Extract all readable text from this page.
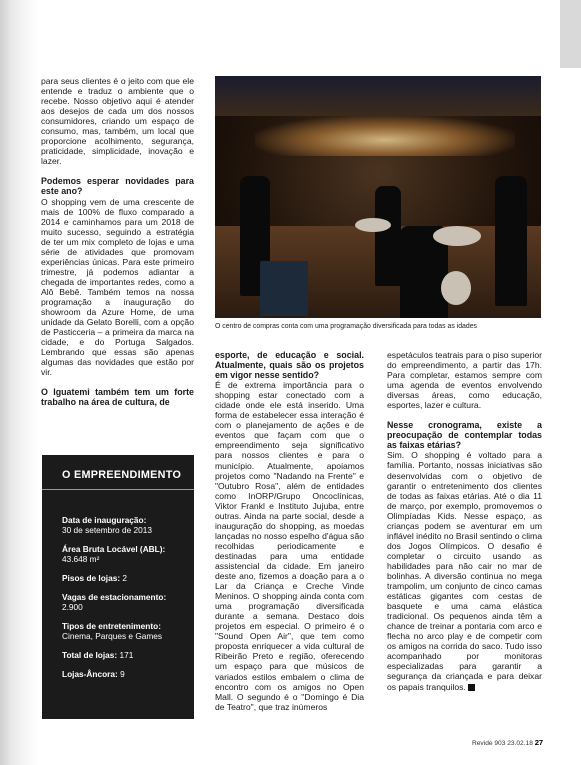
para seus clientes é o jeito com que ele entende e traduz o ambiente que o recebe. Nosso objetivo aqui é atender aos desejos de cada um dos nossos consumidores, criando um espaço de consumo, mas, também, um local que proporcione acolhimento, segurança, praticidade, simplicidade, inovação e lazer.

Podemos esperar novidades para este ano?

O shopping vem de uma crescente de mais de 100% de fluxo comparado a 2014 e caminhamos para um 2018 de muito sucesso, seguindo a estratégia de ter um mix completo de lojas e uma série de atividades que promovam experiências únicas. Para este primeiro trimestre, já podemos adiantar a chegada de importantes redes, como a Alô Bebê. Também temos na nossa programação a inauguração do showroom da Azure Home, de uma unidade da Gelato Borelli, com a opção de Pasticceria – a primeira da marca na cidade, e do Portuga Salgados. Lembrando que essas são apenas algumas das novidades que estão por vir.

O Iguatemi também tem um forte trabalho na área de cultura, de

O centro de compras conta com uma programação diversificada para todas as idades

esporte, de educação e social. Atualmente, quais são os projetos em vigor nesse sentido?

É de extrema importância para o shopping estar conectado com a cidade onde ele está inserido. Uma forma de estabelecer essa interação é com o planejamento de ações e de eventos que façam com que o empreendimento seja significativo para nossos clientes e para o município. Atualmente, apoiamos projetos como "Nadando na Frente" e "Outubro Rosa", além de entidades como InORP/Grupo Oncoclínicas, Viktor Frankl e Instituto Jujuba, entre outras. Ainda na parte social, desde a inauguração do shopping, as moedas lançadas no nosso espelho d'água são recolhidas periodicamente e destinadas para uma entidade assistencial da cidade. Em janeiro deste ano, fizemos a doação para a o Lar da Criança e Creche Vinde Meninos. O shopping ainda conta com uma programação diversificada durante a semana. Destaco dois projetos em especial. O primeiro é o "Sound Open Air", que tem como proposta enriquecer a vida cultural de Ribeirão Preto e região, oferecendo um espaço para que músicos de variados estilos embalem o clima de encontro com os amigos no Open Mall. O segundo é o "Domingo é Dia de Teatro", que traz inúmeros

espetáculos teatrais para o piso superior do empreendimento, a partir das 17h. Para completar, estamos sempre com uma agenda de eventos envolvendo diversas áreas, como educação, esportes, lazer e cultura.

Nesse cronograma, existe a preocupação de contemplar todas as faixas etárias?

Sim. O shopping é voltado para a família. Portanto, nossas iniciativas são desenvolvidas com o objetivo de garantir o entretenimento dos clientes de todas as faixas etárias. Até o dia 11 de março, por exemplo, promovemos o Olimpíadas Kids. Nesse espaço, as crianças podem se aventurar em um inflável inédito no Brasil sentindo o clima dos Jogos Olímpicos. O desafio é completar o circuito usando as habilidades para não cair no mar de bolinhas. A diversão continua no mega trampolim, um conjunto de cinco camas estáticas gigantes com cestas de basquete e uma cama elástica tradicional. Os pequenos ainda têm a chance de treinar a pontaria com arco e flecha no arco play e de competir com os amigos na corrida do saco. Tudo isso acompanhado por monitoras especializadas para garantir a segurança da criançada e para deixar os papais tranquilos.

O EMPREENDIMENTO
Data de inauguração:
30 de setembro de 2013
Área Bruta Locável (ABL):
43.648 m²
Pisos de lojas: 2
Vagas de estacionamento: 2.900
Tipos de entretenimento:
Cinema, Parques e Games
Total de lojas: 171
Lojas-Âncora: 9
Revide 903 23.02.18 27
